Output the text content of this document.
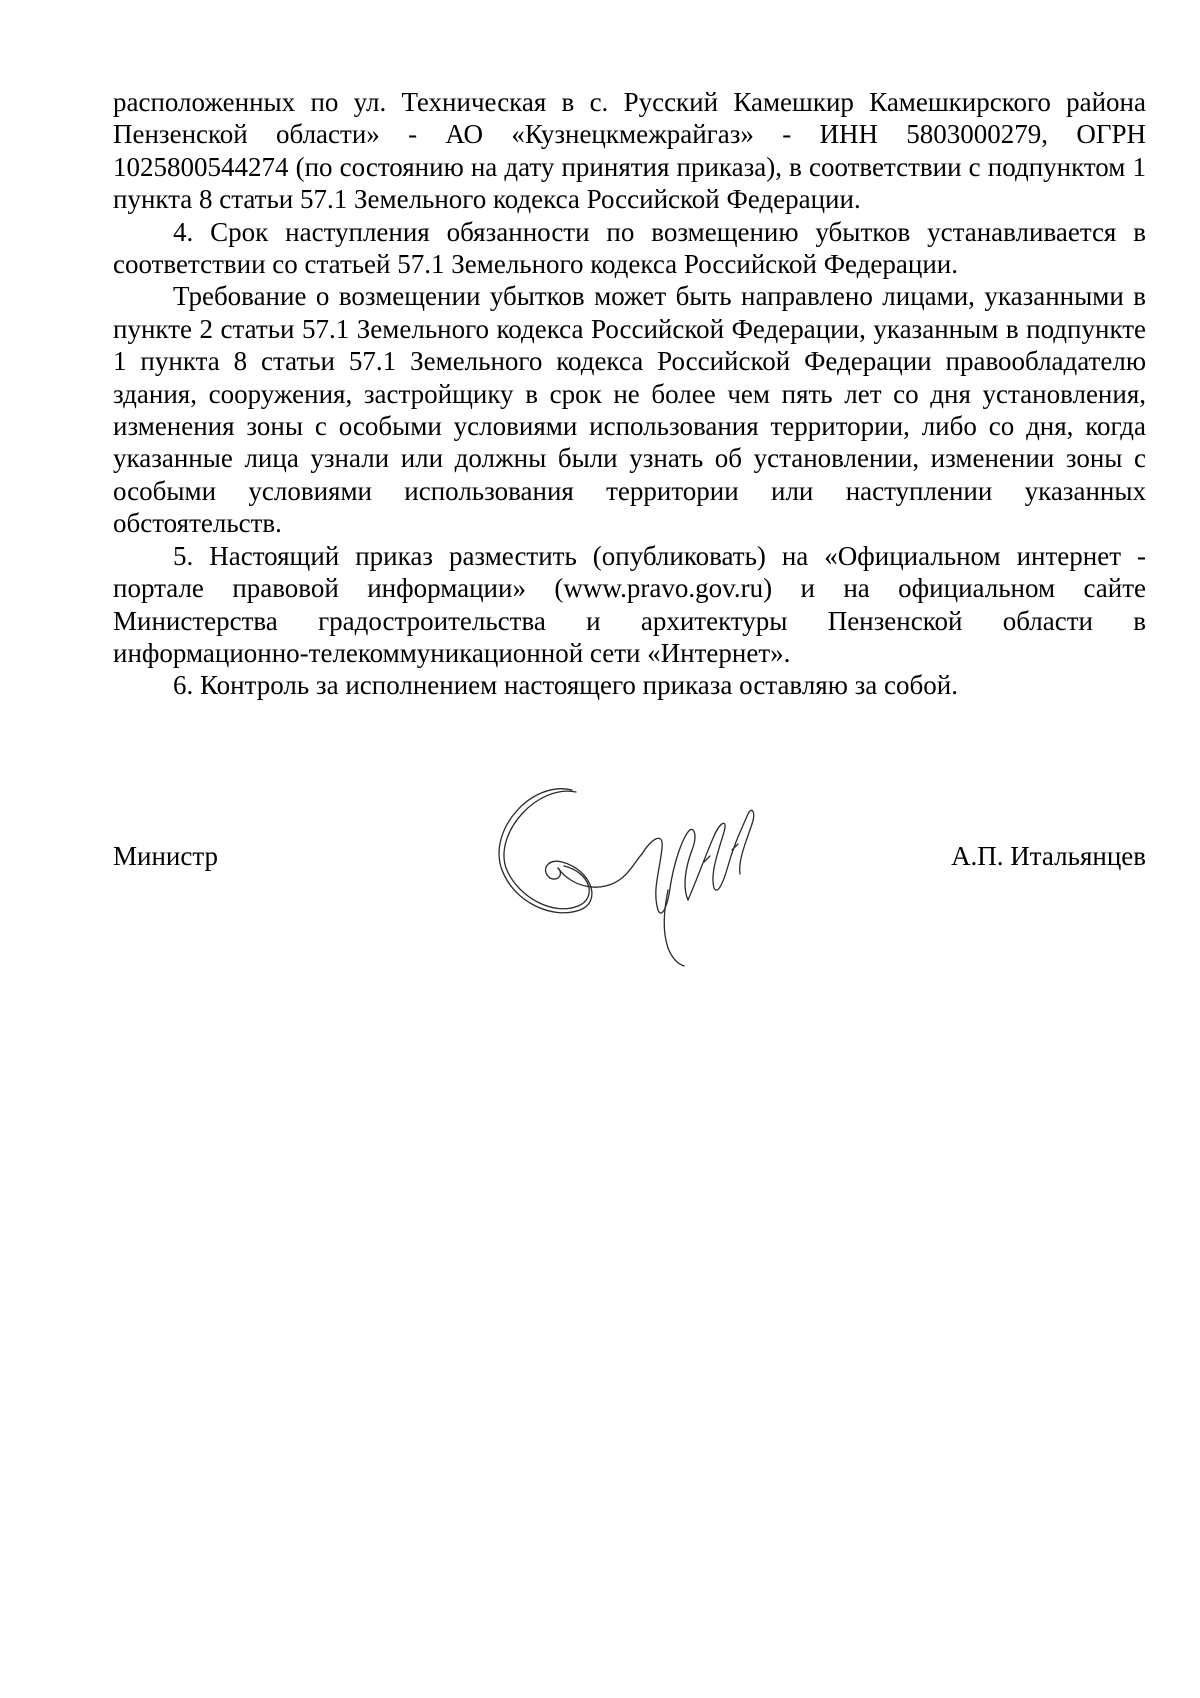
расположенных по ул. Техническая в с. Русский Камешкир Камешкирского района Пензенской области» - АО «Кузнецкмежрайгаз» - ИНН 5803000279, ОГРН 1025800544274 (по состоянию на дату принятия приказа), в соответствии с подпунктом 1 пункта 8 статьи 57.1 Земельного кодекса Российской Федерации.

4. Срок наступления обязанности по возмещению убытков устанавливается в соответствии со статьей 57.1 Земельного кодекса Российской Федерации.

Требование о возмещении убытков может быть направлено лицами, указанными в пункте 2 статьи 57.1 Земельного кодекса Российской Федерации, указанным в подпункте 1 пункта 8 статьи 57.1 Земельного кодекса Российской Федерации правообладателю здания, сооружения, застройщику в срок не более чем пять лет со дня установления, изменения зоны с особыми условиями использования территории, либо со дня, когда указанные лица узнали или должны были узнать об установлении, изменении зоны с особыми условиями использования территории или наступлении указанных обстоятельств.

5. Настоящий приказ разместить (опубликовать) на «Официальном интернет - портале правовой информации» (www.pravo.gov.ru) и на официальном сайте Министерства градостроительства и архитектуры Пензенской области в информационно-телекоммуникационной сети «Интернет».

6. Контроль за исполнением настоящего приказа оставляю за собой.

Министр	А.П. Итальянцев
